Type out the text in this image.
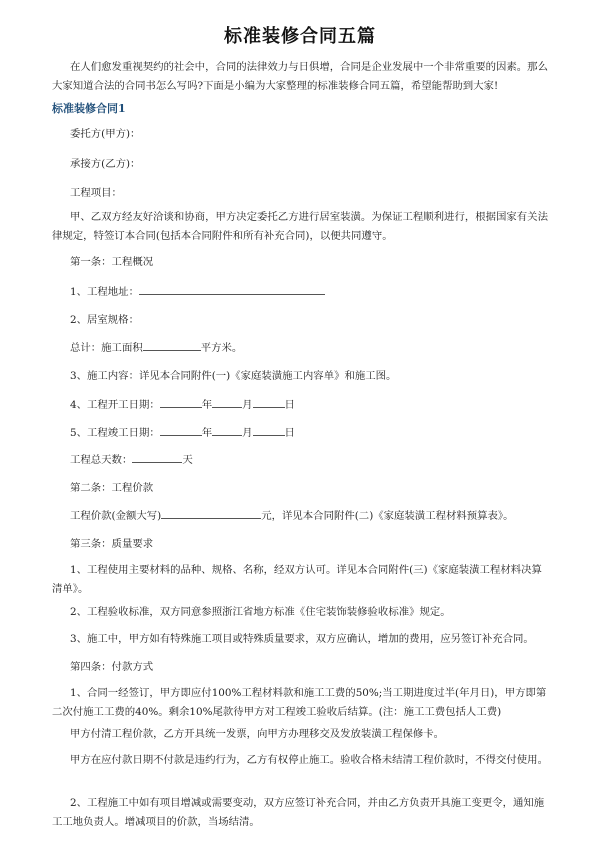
标准装修合同五篇
在人们愈发重视契约的社会中，合同的法律效力与日俱增，合同是企业发展中一个非常重要的因素。那么大家知道合法的合同书怎么写吗?下面是小编为大家整理的标准装修合同五篇，希望能帮助到大家!
标准装修合同1
委托方(甲方)：
承接方(乙方)：
工程项目：
甲、乙双方经友好洽谈和协商，甲方决定委托乙方进行居室装潢。为保证工程顺利进行，根据国家有关法律规定，特签订本合同(包括本合同附件和所有补充合同)，以便共同遵守。
第一条：工程概况
1、工程地址：
2、居室规格：
总计：施工面积	平方米。
3、施工内容：详见本合同附件(一)《家庭装潢施工内容单》和施工图。
4、工程开工日期：	年	月	日
5、工程竣工日期：	年	月	日
工程总天数：	天
第二条：工程价款
工程价款(金额大写)	元，详见本合同附件(二)《家庭装潢工程材料预算表》。
第三条：质量要求
1、工程使用主要材料的品种、规格、名称，经双方认可。详见本合同附件(三)《家庭装潢工程材料决算清单》。
2、工程验收标准，双方同意参照浙江省地方标准《住宅装饰装修验收标准》规定。
3、施工中，甲方如有特殊施工项目或特殊质量要求，双方应确认，增加的费用，应另签订补充合同。
第四条：付款方式
1、合同一经签订，甲方即应付100%工程材料款和施工工费的50%;当工期进度过半(年月日)，甲方即第二次付施工工费的40%。剩余10%尾款待甲方对工程竣工验收后结算。(注：施工工费包括人工费)
甲方付清工程价款，乙方开具统一发票，向甲方办理移交及发放装潢工程保修卡。
甲方在应付款日期不付款是违约行为，乙方有权停止施工。验收合格未结清工程价款时，不得交付使用。
2、工程施工中如有项目增减或需要变动，双方应签订补充合同，并由乙方负责开具施工变更令，通知施工工地负责人。增减项目的价款，当场结清。
